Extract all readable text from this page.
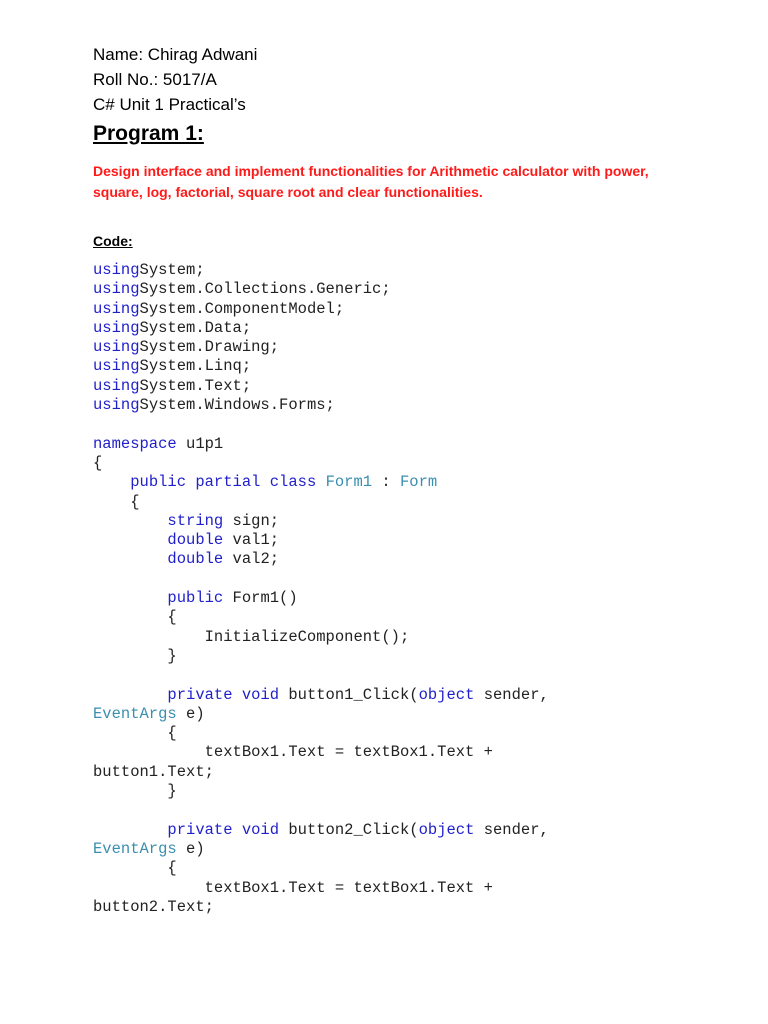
Name: Chirag Adwani
Roll No.: 5017/A
C# Unit 1 Practical’s
Program 1:
Design interface and implement functionalities for Arithmetic calculator with power, square, log, factorial, square root and clear functionalities.
Code:
usingSystem;
usingSystem.Collections.Generic;
usingSystem.ComponentModel;
usingSystem.Data;
usingSystem.Drawing;
usingSystem.Linq;
usingSystem.Text;
usingSystem.Windows.Forms;
namespace u1p1
{
public partial class Form1 : Form
{
string sign;
double val1;
double val2;
public Form1()
{
InitializeComponent();
}
private void button1_Click(object sender,
EventArgs e)
{
textBox1.Text = textBox1.Text +
button1.Text;
}
private void button2_Click(object sender,
EventArgs e)
{
textBox1.Text = textBox1.Text +
button2.Text;
